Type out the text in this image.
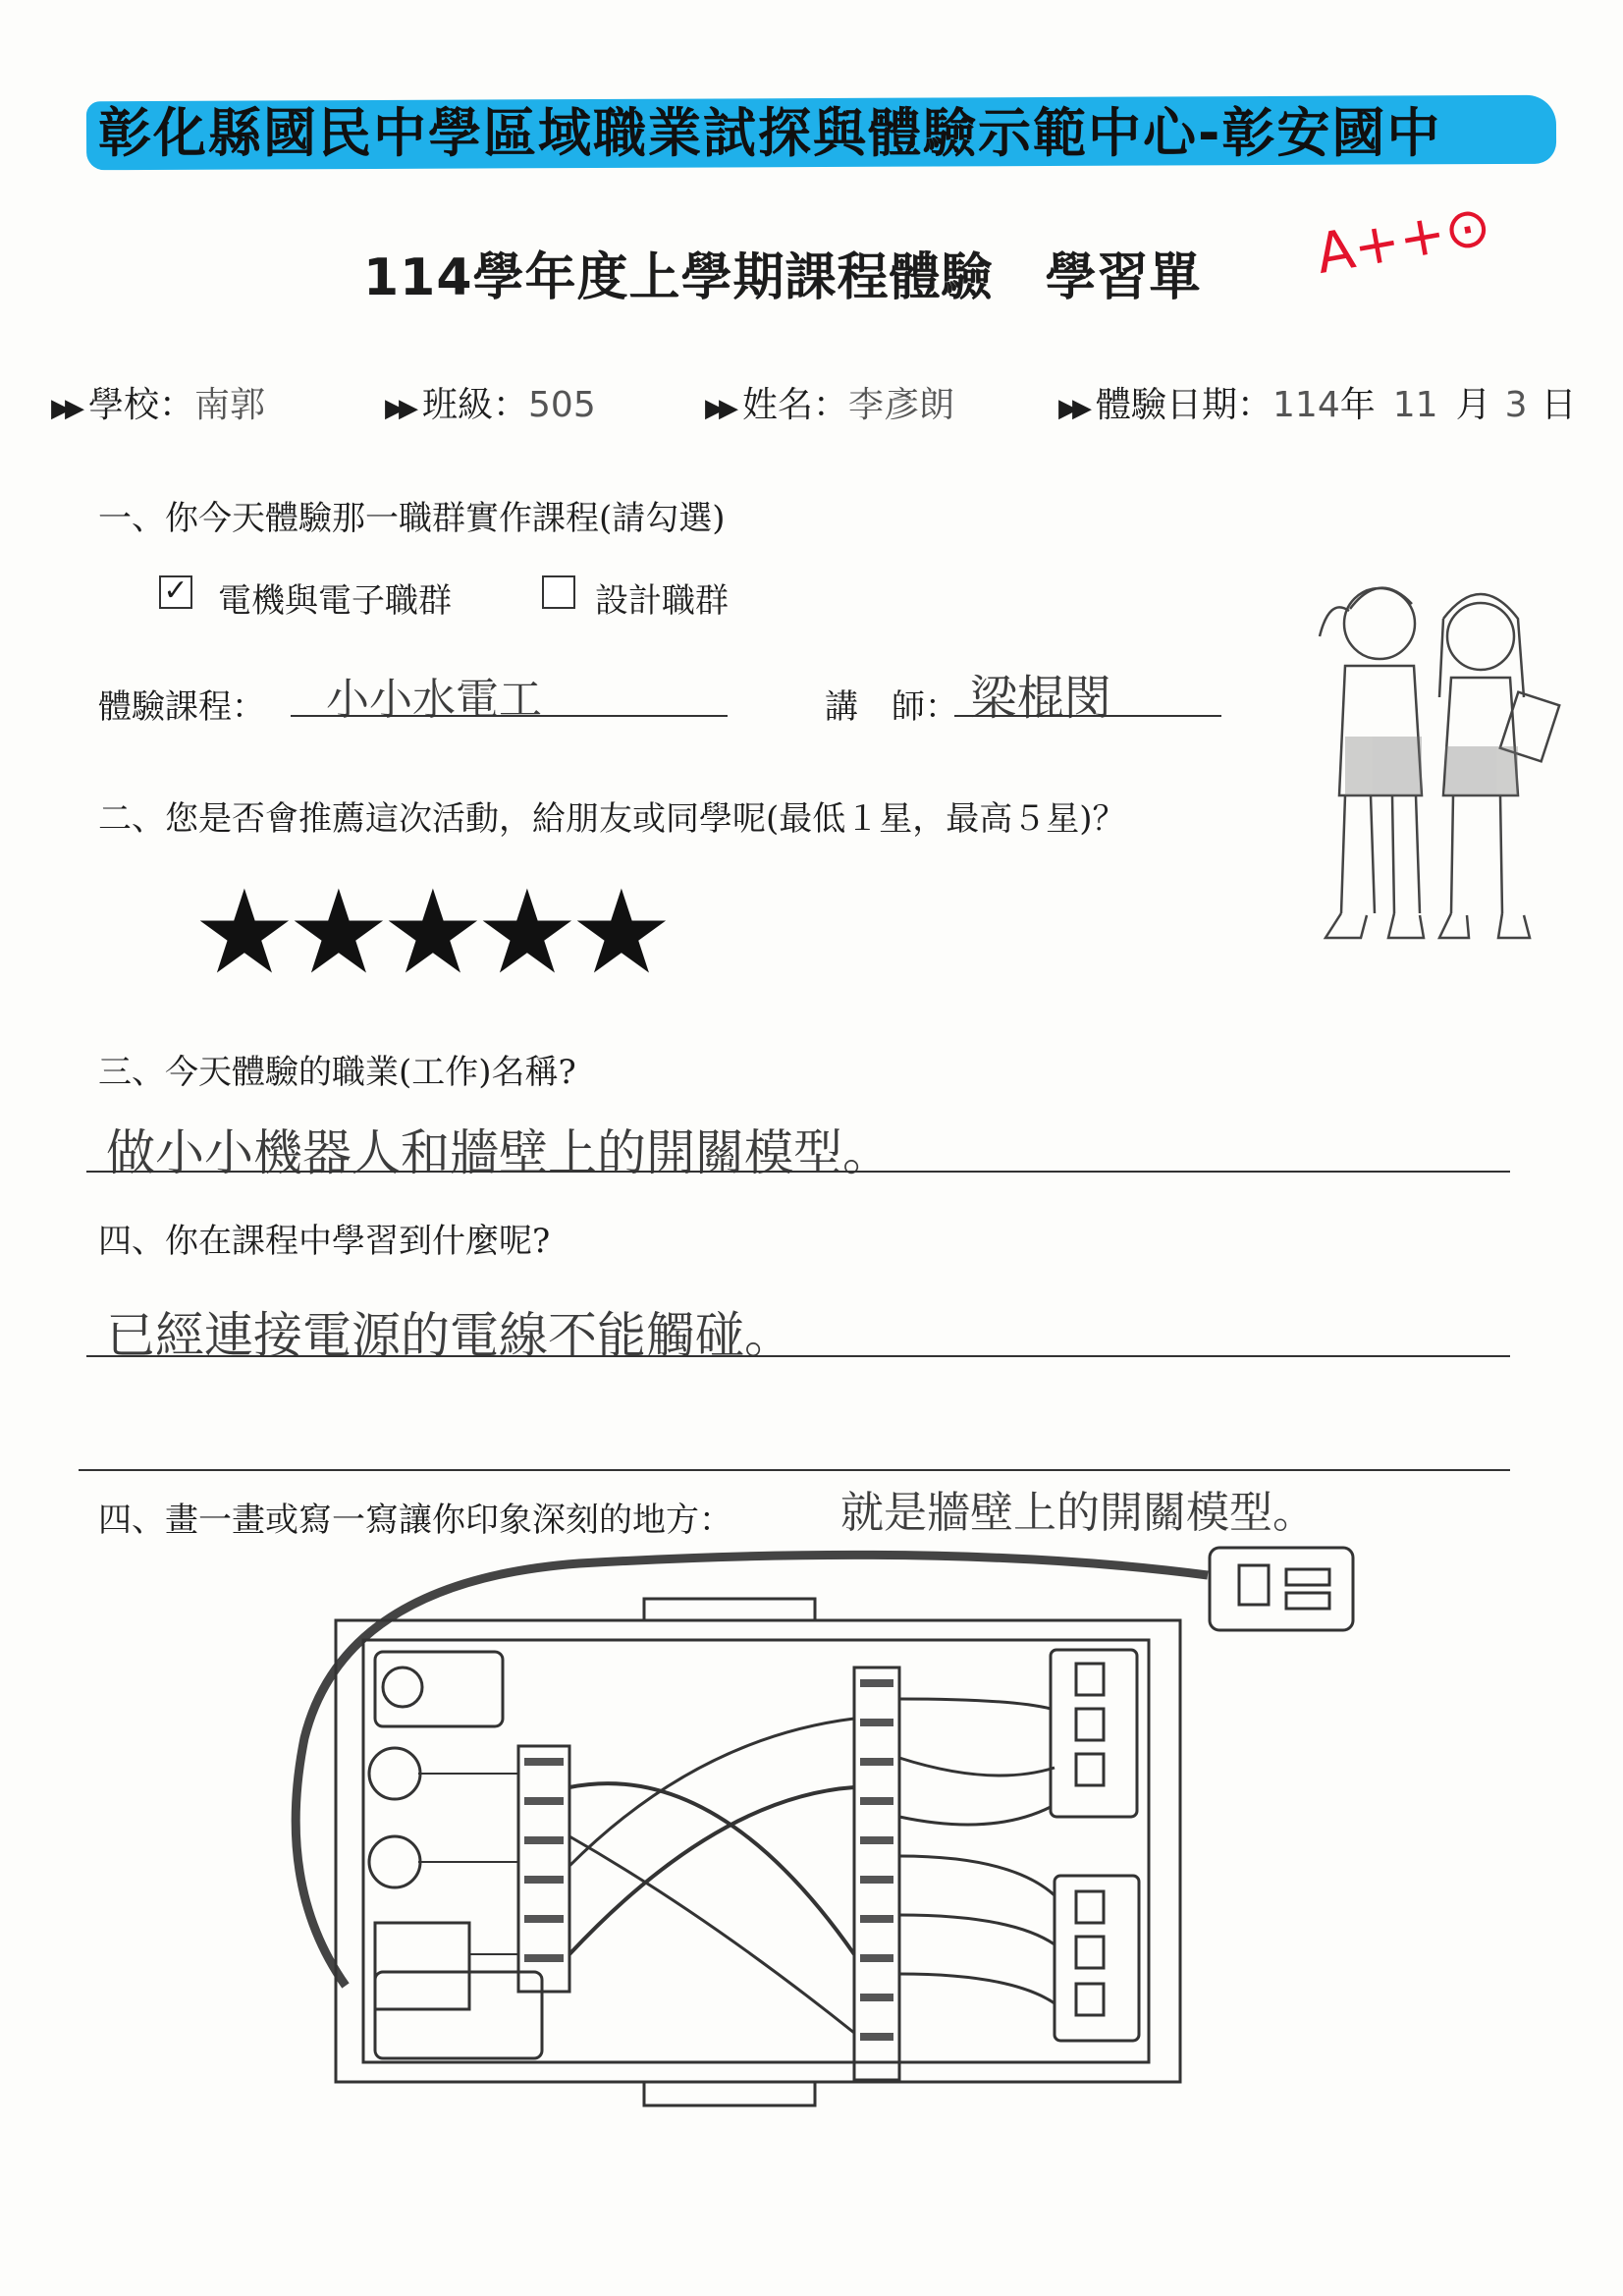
彰化縣國民中學區域職業試探與體驗示範中心-彰安國中
114學年度上學期課程體驗　學習單 A++⊙
▶▶ 學校：南郭	▶▶ 班級：505	▶▶ 姓名：李彥朗	▶▶ 體驗日期：114年 11 月 3 日
一、你今天體驗那一職群實作課程(請勾選)
✓ 電機與電子職群	設計職群
體驗課程： 小小水電工	講　師： 梁棍閔
二、您是否會推薦這次活動，給朋友或同學呢(最低１星，最高５星)？
★
★
★
★
★
三、今天體驗的職業(工作)名稱?
做小小機器人和牆壁上的開關模型。
四、你在課程中學習到什麼呢?
已經連接電源的電線不能觸碰。
四、畫一畫或寫一寫讓你印象深刻的地方：	就是牆壁上的開關模型。
